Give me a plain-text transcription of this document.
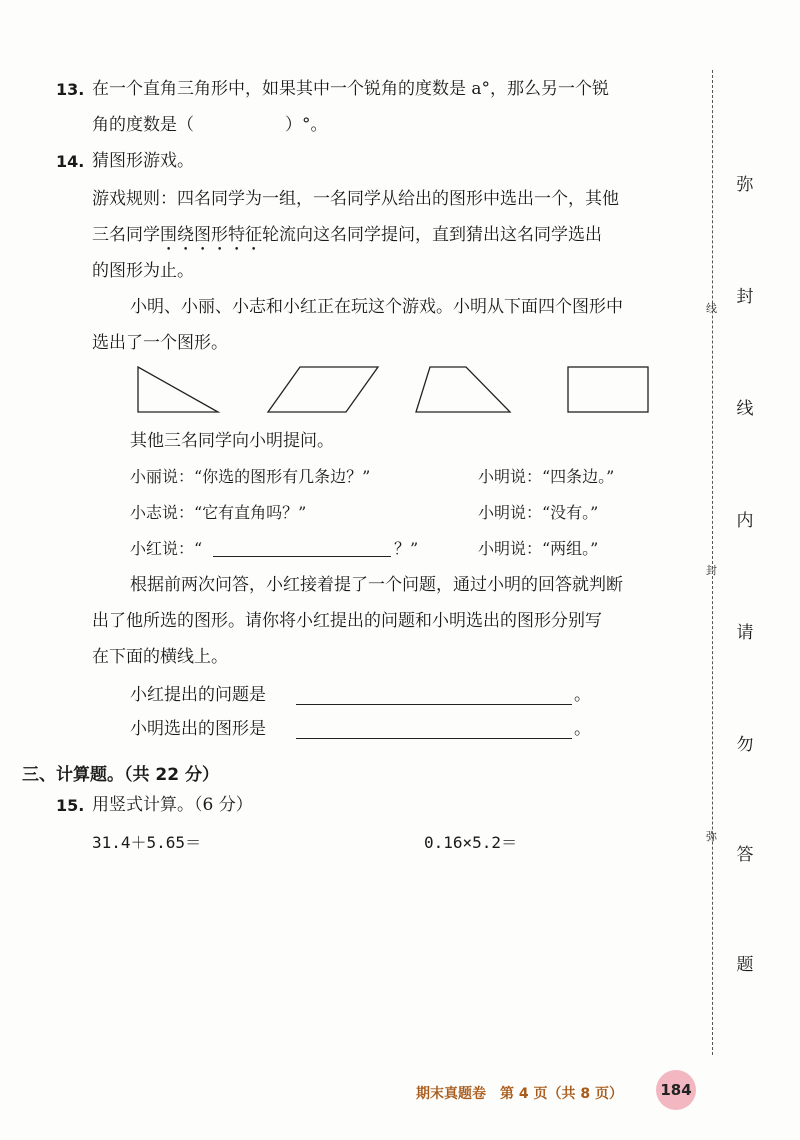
13. 在一个直角三角形中，如果其中一个锐角的度数是 a°，那么另一个锐
角的度数是（	）°。
14. 猜图形游戏。
游戏规则：四名同学为一组，一名同学从给出的图形中选出一个，其他
三名同学围绕图形特征轮流向这名同学提问，直到猜出这名同学选出
的图形为止。
小明、小丽、小志和小红正在玩这个游戏。小明从下面四个图形中
选出了一个图形。
其他三名同学向小明提问。
小丽说：“你选的图形有几条边？”	小明说：“四条边。”
小志说：“它有直角吗？”	小明说：“没有。”
小红说：“	？”	小明说：“两组。”
根据前两次问答，小红接着提了一个问题，通过小明的回答就判断
出了他所选的图形。请你将小红提出的问题和小明选出的图形分别写
在下面的横线上。
小红提出的问题是	。
小明选出的图形是	。
三、计算题。（共 22 分）
15. 用竖式计算。（6 分）
31.4＋5.65＝	0.16×5.2＝
线
封
弥
弥
封
线
内
请
勿
答
题
期末真题卷　第 4 页（共 8 页） 184
